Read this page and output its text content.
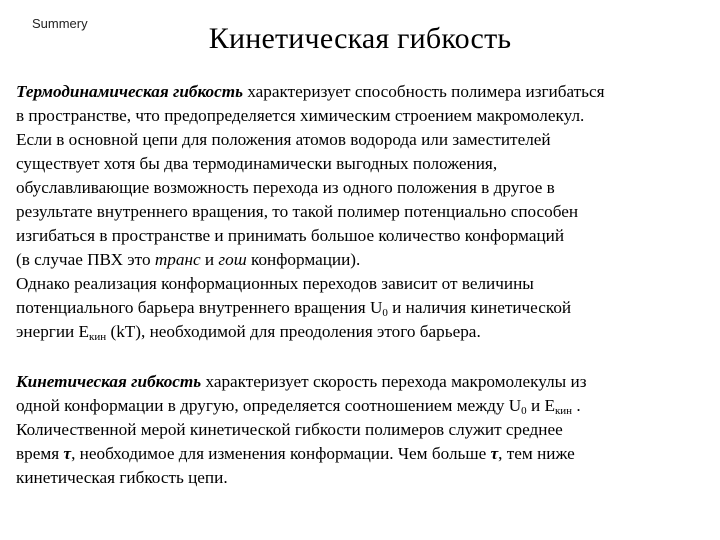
Summery	Кинетическая гибкость
Термодинамическая гибкость характеризует способность полимера изгибаться
в пространстве, что предопределяется химическим строением макромолекул.
Если в основной цепи для положения атомов водорода или заместителей
существует хотя бы два термодинамически выгодных положения,
обуславливающие возможность перехода из одного положения в другое в
результате внутреннего вращения, то такой полимер потенциально способен
изгибаться в пространстве и принимать большое количество конформаций
(в случае ПВХ это транс и гош конформации).
Однако реализация конформационных переходов зависит от величины
потенциального барьера внутреннего вращения $U_0$ и наличия кинетической
энергии $E_{кин}$ (kT), необходимой для преодоления этого барьера.
Кинетическая гибкость характеризует скорость перехода макромолекулы из
одной конформации в другую, определяется соотношением между $U_0$ и $E_{кин}$ .
Количественной мерой кинетической гибкости полимеров служит среднее
время τ, необходимое для изменения конформации. Чем больше τ, тем ниже
кинетическая гибкость цепи.
